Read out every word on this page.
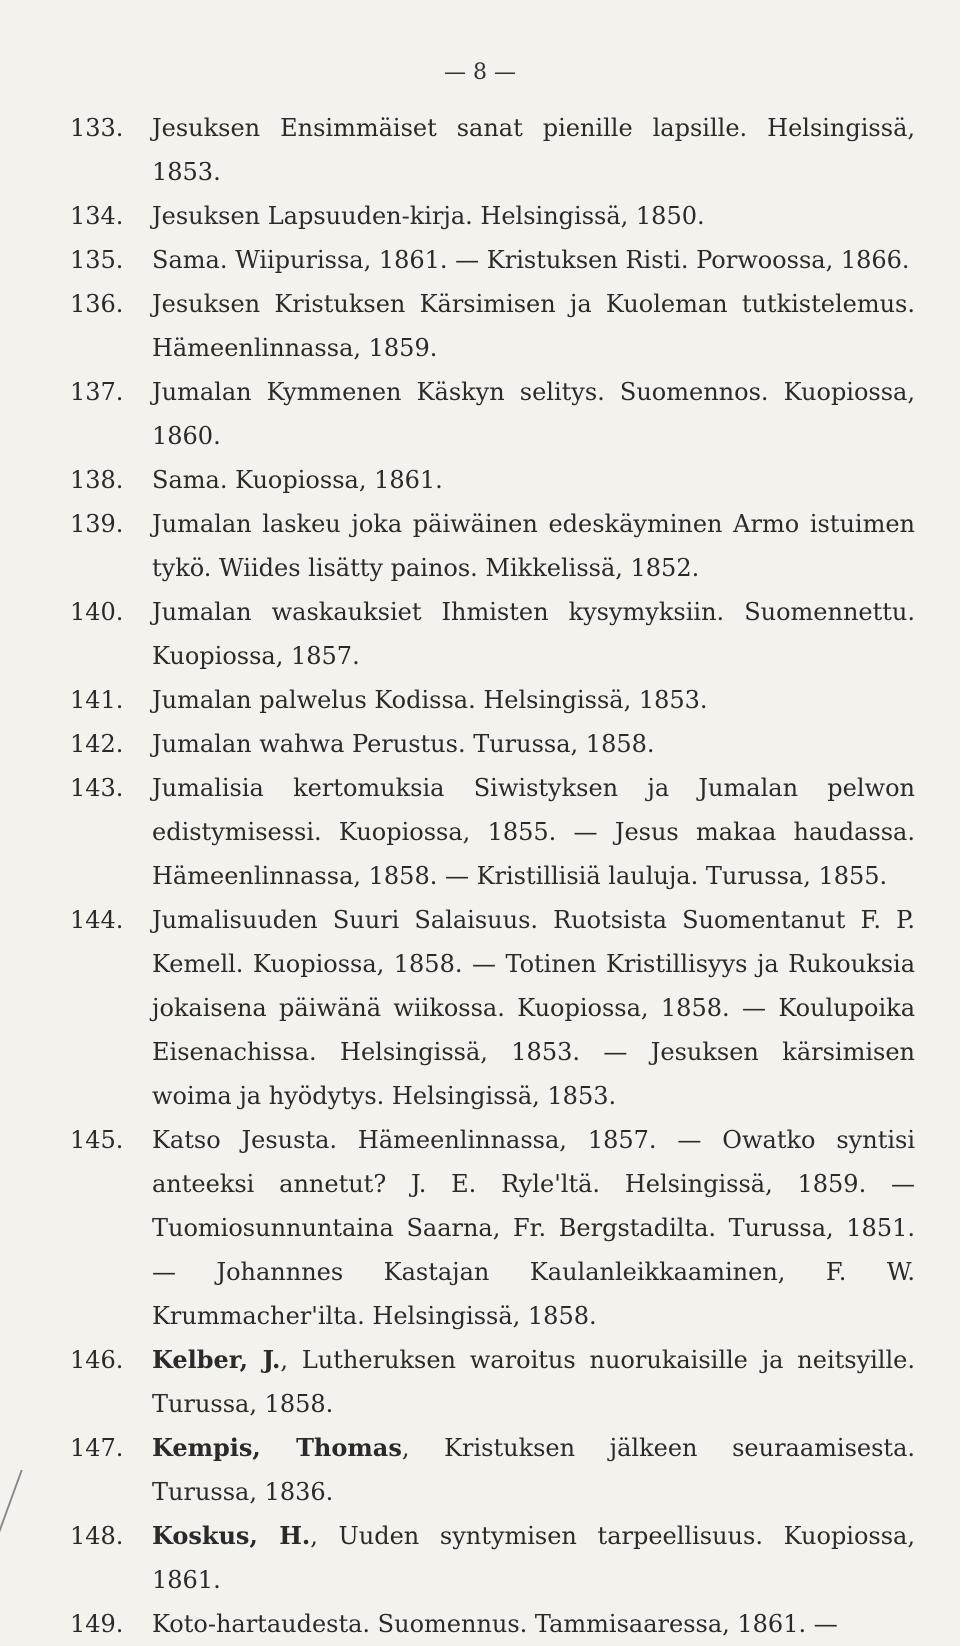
— 8 —
133.	Jesuksen Ensimmäiset sanat pienille lapsille. Helsingissä, 1853.
134.	Jesuksen Lapsuuden-kirja. Helsingissä, 1850.
135.	Sama. Wiipurissa, 1861. — Kristuksen Risti. Porwoossa, 1866.
136.	Jesuksen Kristuksen Kärsimisen ja Kuoleman tutkistelemus. Hämeenlinnassa, 1859.
137.	Jumalan Kymmenen Käskyn selitys. Suomennos. Kuopiossa, 1860.
138.	Sama. Kuopiossa, 1861.
139.	Jumalan laskeu joka päiwäinen edeskäyminen Armo istuimen tykö. Wiides lisätty painos. Mikkelissä, 1852.
140.	Jumalan waskauksiet Ihmisten kysymyksiin. Suomennettu. Kuopiossa, 1857.
141.	Jumalan palwelus Kodissa. Helsingissä, 1853.
142.	Jumalan wahwa Perustus. Turussa, 1858.
143.	Jumalisia kertomuksia Siwistyksen ja Jumalan pelwon edistymisessi. Kuopiossa, 1855. — Jesus makaa haudassa. Hämeenlinnassa, 1858. — Kristillisiä lauluja. Turussa, 1855.
144.	Jumalisuuden Suuri Salaisuus. Ruotsista Suomentanut F. P. Kemell. Kuopiossa, 1858. — Totinen Kristillisyys ja Rukouksia jokaisena päiwänä wiikossa. Kuopiossa, 1858. — Koulupoika Eisenachissa. Helsingissä, 1853. — Jesuksen kärsimisen woima ja hyödytys. Helsingissä, 1853.
145.	Katso Jesusta. Hämeenlinnassa, 1857. — Owatko syntisi anteeksi annetut? J. E. Ryle'ltä. Helsingissä, 1859. — Tuomiosunnuntaina Saarna, Fr. Bergstadilta. Turussa, 1851. — Johannnes Kastajan Kaulanleikkaaminen, F. W. Krummacher'ilta. Helsingissä, 1858.
146.	Kelber, J., Lutheruksen waroitus nuorukaisille ja neitsyille. Turussa, 1858.
147.	Kempis, Thomas, Kristuksen jälkeen seuraamisesta. Turussa, 1836.
148.	Koskus, H., Uuden syntymisen tarpeellisuus. Kuopiossa, 1861.
149.	Koto-hartaudesta. Suomennus. Tammisaaressa, 1861. —
